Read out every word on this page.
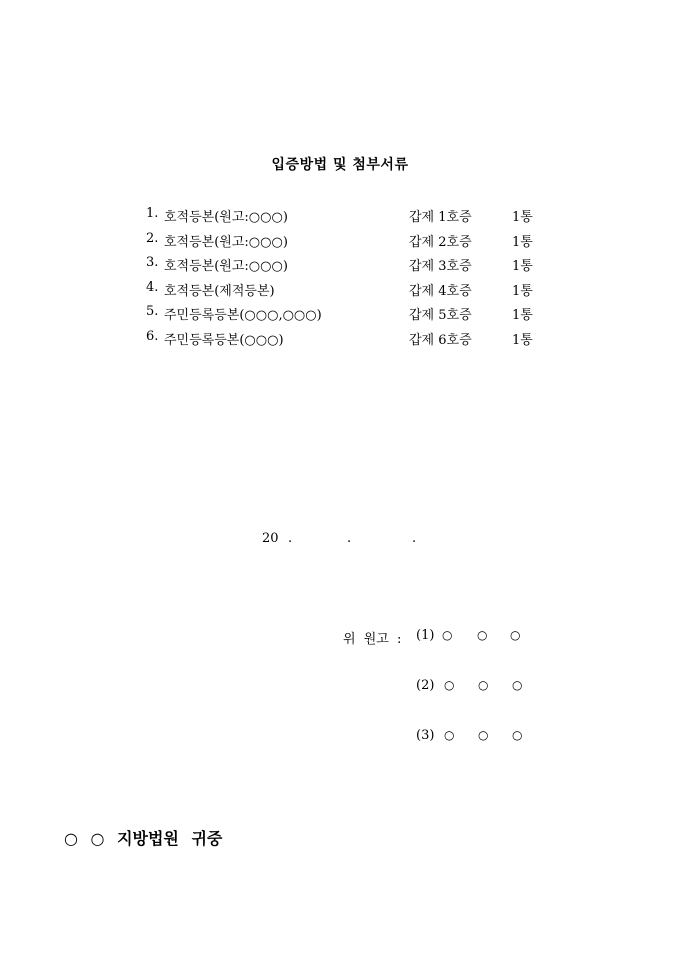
입증방법 및 첨부서류
1. 호적등본(원고:○○○)	갑제 1호증	1통
2. 호적등본(원고:○○○)	갑제 2호증	1통
3. 호적등본(원고:○○○)	갑제 3호증	1통
4. 호적등본(제적등본)	갑제 4호증	1통
5. 주민등록등본(○○○,○○○)	갑제 5호증	1통
6. 주민등록등본(○○○)	갑제 6호증	1통
20 .	.	.
위 원고 : (1) ○ ○ ○
(2) ○ ○ ○
(3) ○ ○ ○
○ ○ 지방법원 귀중
